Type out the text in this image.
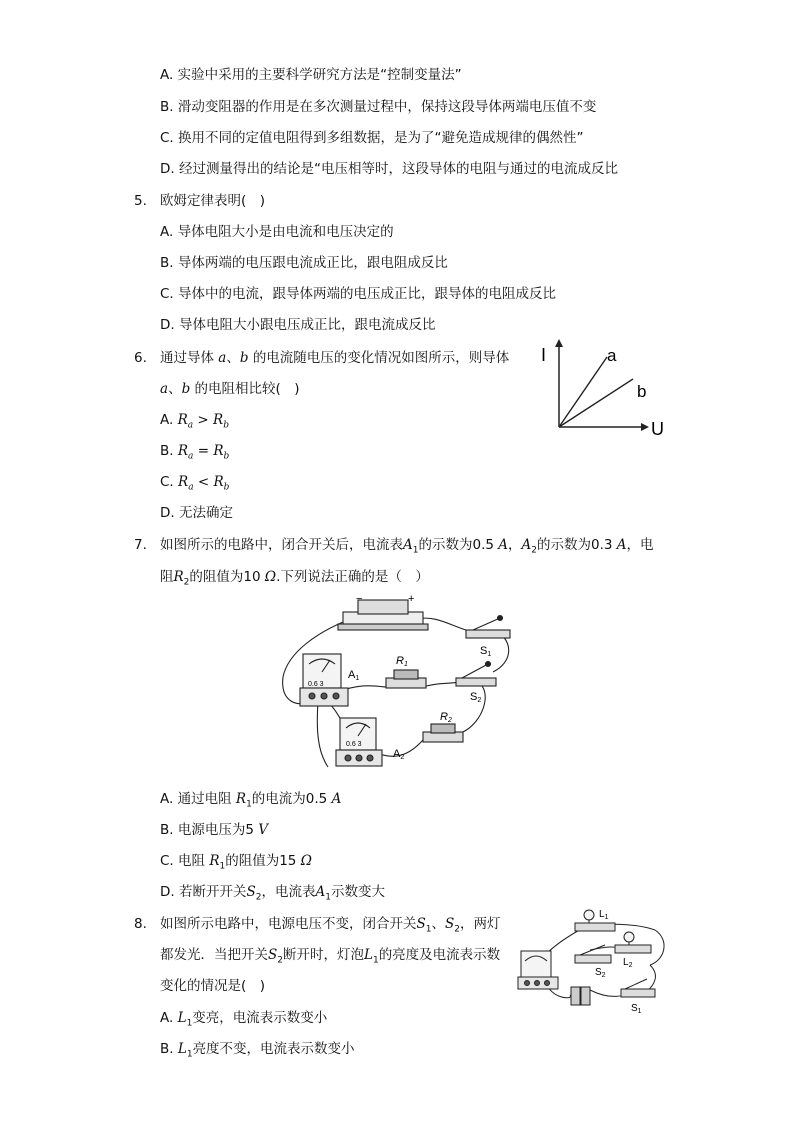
A. 实验中采用的主要科学研究方法是“控制变量法”
B. 滑动变阻器的作用是在多次测量过程中，保持这段导体两端电压值不变
C. 换用不同的定值电阻得到多组数据，是为了“避免造成规律的偶然性”
D. 经过测量得出的结论是“电压相等时，这段导体的电阻与通过的电流成反比
5. 欧姆定律表明(　)
A. 导体电阻大小是由电流和电压决定的
B. 导体两端的电压跟电流成正比，跟电阻成反比
C. 导体中的电流，跟导体两端的电压成正比，跟导体的电阻成反比
D. 导体电阻大小跟电压成正比，跟电流成反比
6. 通过导体 a、b 的电流随电压的变化情况如图所示，则导体
a、b 的电阻相比较(　)
A. $R_a > R_b$
B. $R_a = R_b$
C. $R_a < R_b$
D. 无法确定
I
U
a
b
7. 如图所示的电路中，闭合开关后，电流表$A_1$的示数为0.5 A，$A_2$的示数为0.3 A，电
阻$R_2$的阻值为10 Ω.下列说法正确的是（　）
−	+
S1
R1
A1
S2
R2
A2
0.6 3
0.6 3
A. 通过电阻 $R_1$的电流为0.5 A
B. 电源电压为5 V
C. 电阻 $R_1$的阻值为15 Ω
D. 若断开开关$S_2$，电流表$A_1$示数变大
8. 如图所示电路中，电源电压不变，闭合开关$S_1$、$S_2$，两灯
都发光．当把开关$S_2$断开时，灯泡$L_1$的亮度及电流表示数
变化的情况是(　)
A. $L_1$变亮，电流表示数变小
B. $L_1$亮度不变，电流表示数变小
$L_1$
$L_2$
$S_2$
$S_1$
